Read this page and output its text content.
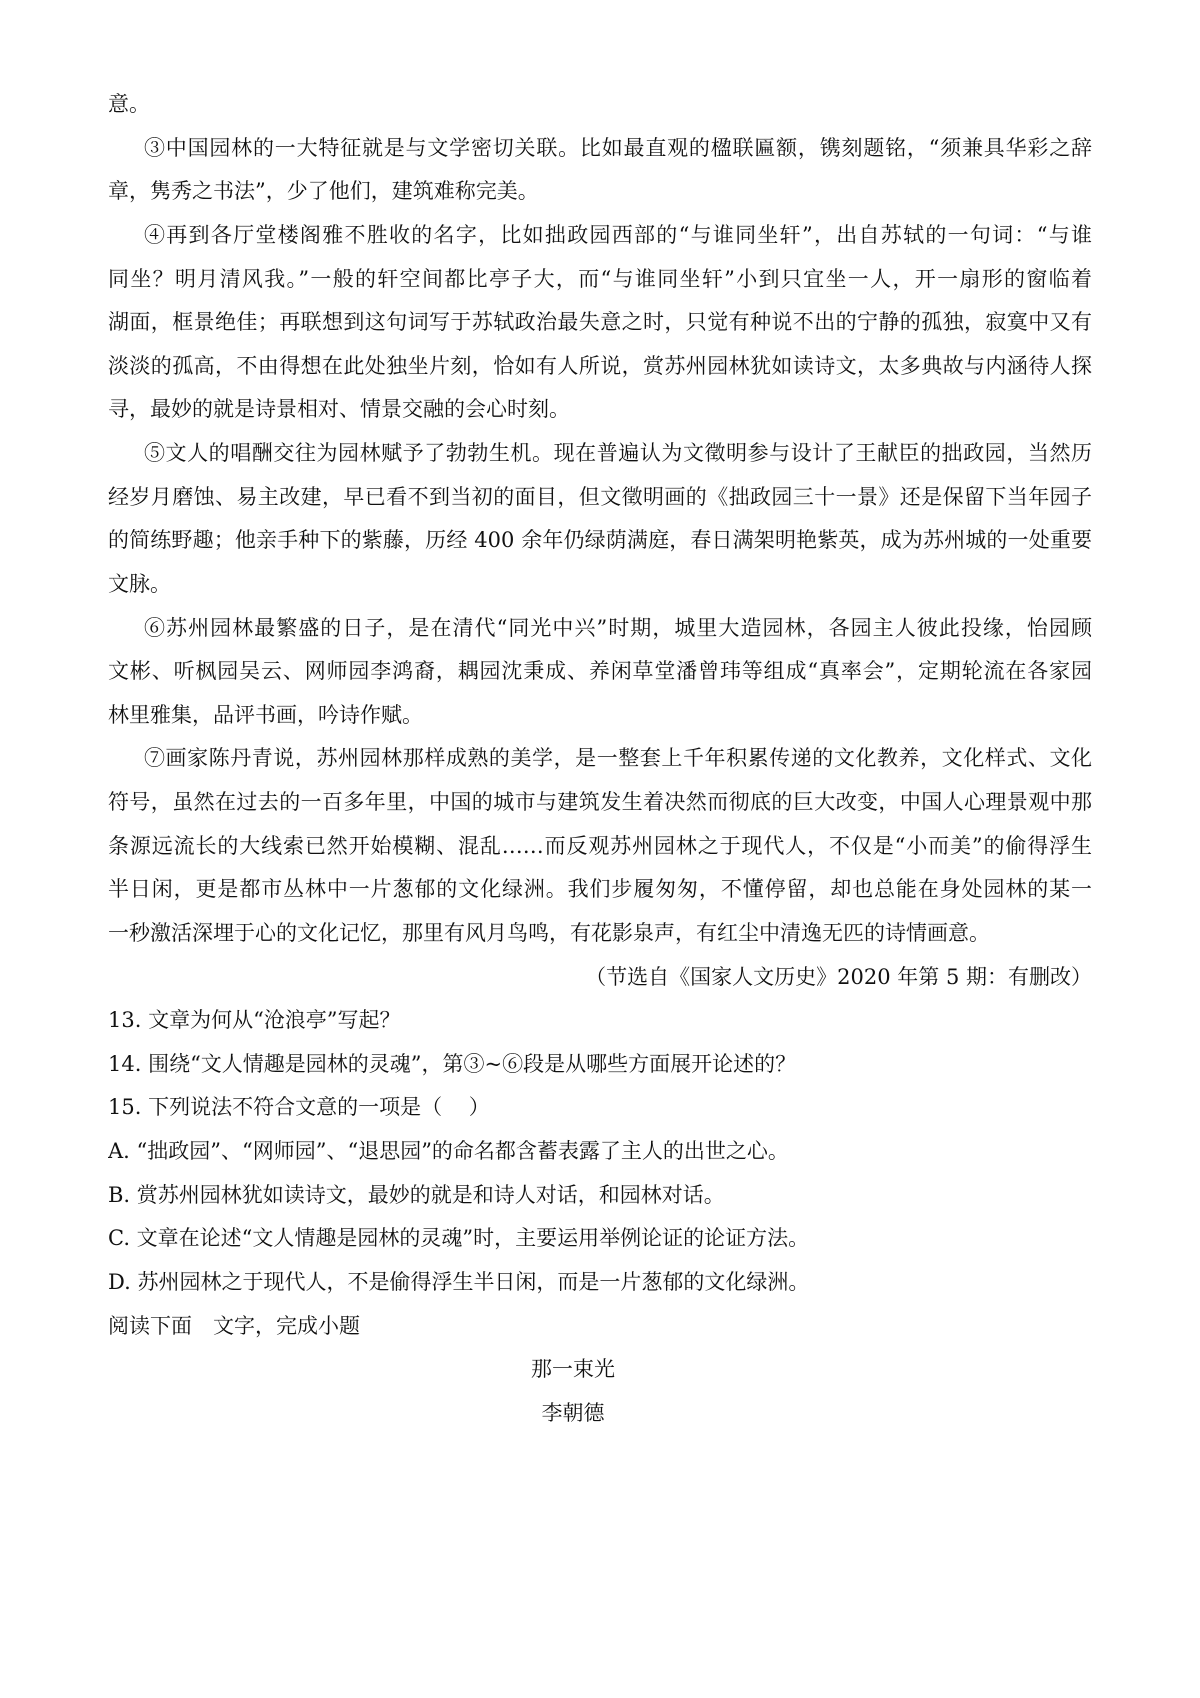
意。
③中国园林的一大特征就是与文学密切关联。比如最直观的楹联匾额，镌刻题铭，“须兼具华彩之辞
章，隽秀之书法”，少了他们，建筑难称完美。
④再到各厅堂楼阁雅不胜收的名字，比如拙政园西部的“与谁同坐轩”，出自苏轼的一句词：“与谁
同坐？明月清风我。”一般的轩空间都比亭子大，而“与谁同坐轩”小到只宜坐一人，开一扇形的窗临着
湖面，框景绝佳；再联想到这句词写于苏轼政治最失意之时，只觉有种说不出的宁静的孤独，寂寞中又有
淡淡的孤高，不由得想在此处独坐片刻，恰如有人所说，赏苏州园林犹如读诗文，太多典故与内涵待人探
寻，最妙的就是诗景相对、情景交融的会心时刻。
⑤文人的唱酬交往为园林赋予了勃勃生机。现在普遍认为文徵明参与设计了王献臣的拙政园，当然历
经岁月磨蚀、易主改建，早已看不到当初的面目，但文徵明画的《拙政园三十一景》还是保留下当年园子
的简练野趣；他亲手种下的紫藤，历经 400 余年仍绿荫满庭，春日满架明艳紫英，成为苏州城的一处重要
文脉。
⑥苏州园林最繁盛的日子，是在清代“同光中兴”时期，城里大造园林，各园主人彼此投缘，怡园顾
文彬、听枫园吴云、网师园李鸿裔，耦园沈秉成、养闲草堂潘曾玮等组成“真率会”，定期轮流在各家园
林里雅集，品评书画，吟诗作赋。
⑦画家陈丹青说，苏州园林那样成熟的美学，是一整套上千年积累传递的文化教养，文化样式、文化
符号，虽然在过去的一百多年里，中国的城市与建筑发生着决然而彻底的巨大改变，中国人心理景观中那
条源远流长的大线索已然开始模糊、混乱……而反观苏州园林之于现代人，不仅是“小而美”的偷得浮生
半日闲，更是都市丛林中一片葱郁的文化绿洲。我们步履匆匆，不懂停留，却也总能在身处园林的某一
一秒激活深埋于心的文化记忆，那里有风月鸟鸣，有花影泉声，有红尘中清逸无匹的诗情画意。
（节选自《国家人文历史》2020 年第 5 期：有删改）
13. 文章为何从“沧浪亭”写起？
14. 围绕“文人情趣是园林的灵魂”，第③~⑥段是从哪些方面展开论述的？
15. 下列说法不符合文意的一项是（    ）
A. “拙政园”、“网师园”、“退思园”的命名都含蓄表露了主人的出世之心。
B. 赏苏州园林犹如读诗文，最妙的就是和诗人对话，和园林对话。
C. 文章在论述“文人情趣是园林的灵魂”时，主要运用举例论证的论证方法。
D. 苏州园林之于现代人，不是偷得浮生半日闲，而是一片葱郁的文化绿洲。
阅读下面　文字，完成小题
那一束光
李朝德
